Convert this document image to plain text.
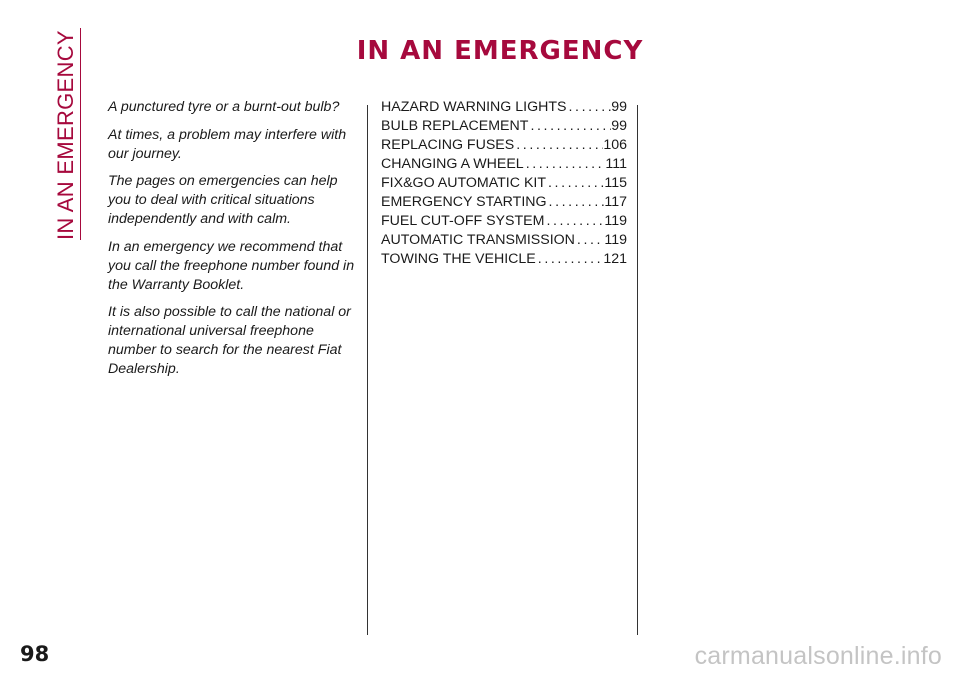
IN AN EMERGENCY	IN AN EMERGENCY

A punctured tyre or a burnt-out bulb?

At times, a problem may interfere with our journey.

The pages on emergencies can help you to deal with critical situations independently and with calm.

In an emergency we recommend that you call the freephone number found in the Warranty Booklet.

It is also possible to call the national or international universal freephone number to search for the nearest Fiat Dealership.

HAZARD WARNING LIGHTS .....	99
BULB REPLACEMENT .....	99
REPLACING FUSES .....	106
CHANGING A WHEEL .....	111
FIX&GO AUTOMATIC KIT .....	115
EMERGENCY STARTING .....	117
FUEL CUT-OFF SYSTEM .....	119
AUTOMATIC TRANSMISSION ..... 119
TOWING THE VEHICLE .....	121
98	carmanualsonline.info
